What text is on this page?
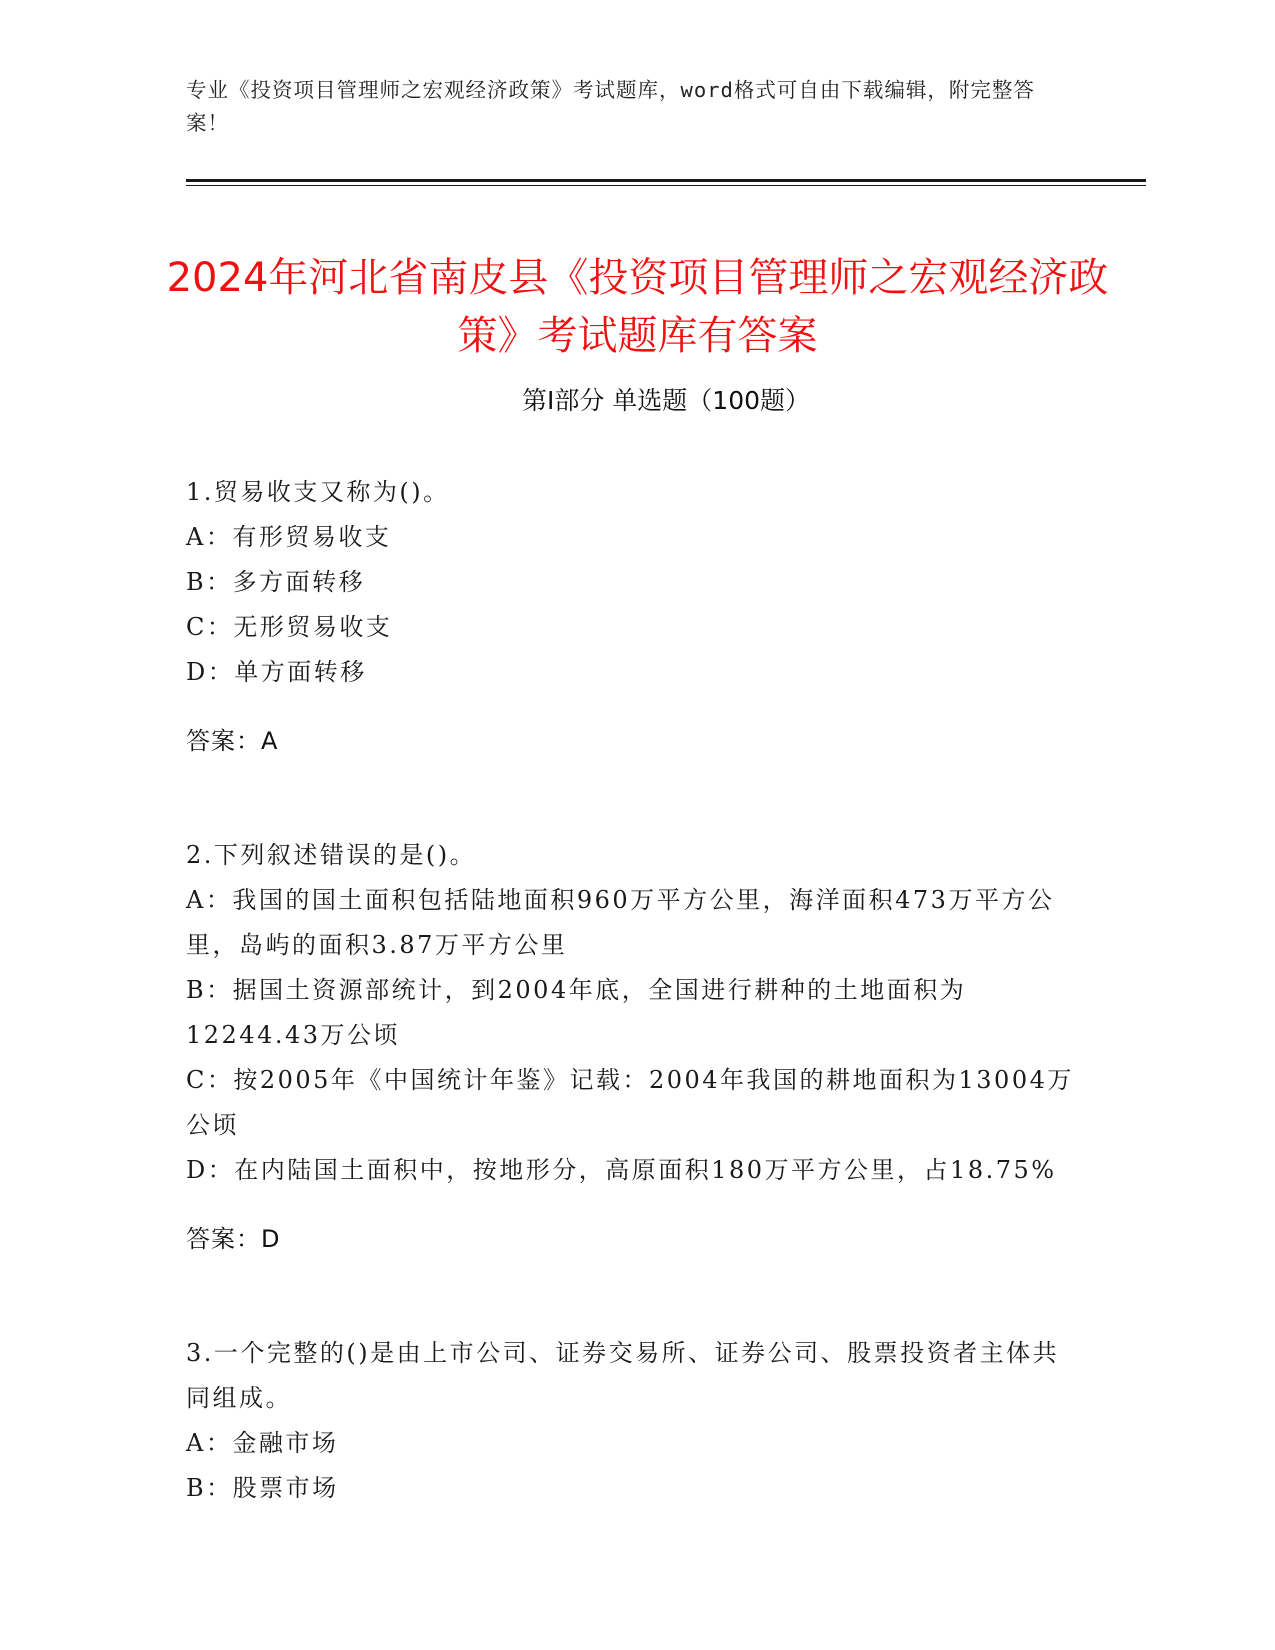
专业《投资项目管理师之宏观经济政策》考试题库，word格式可自由下载编辑，附完整答案！
2024年河北省南皮县《投资项目管理师之宏观经济政策》考试题库有答案
第I部分 单选题（100题）

1.贸易收支又称为()。

A：有形贸易收支

B：多方面转移

C：无形贸易收支

D：单方面转移

答案：A

2.下列叙述错误的是()。

A：我国的国土面积包括陆地面积960万平方公里，海洋面积473万平方公里，岛屿的面积3.87万平方公里

B：据国土资源部统计，到2004年底，全国进行耕种的土地面积为12244.43万公顷

C：按2005年《中国统计年鉴》记载：2004年我国的耕地面积为13004万公顷

D：在内陆国土面积中，按地形分，高原面积180万平方公里，占18.75%

答案：D

3.一个完整的()是由上市公司、证券交易所、证券公司、股票投资者主体共同组成。

A：金融市场

B：股票市场
